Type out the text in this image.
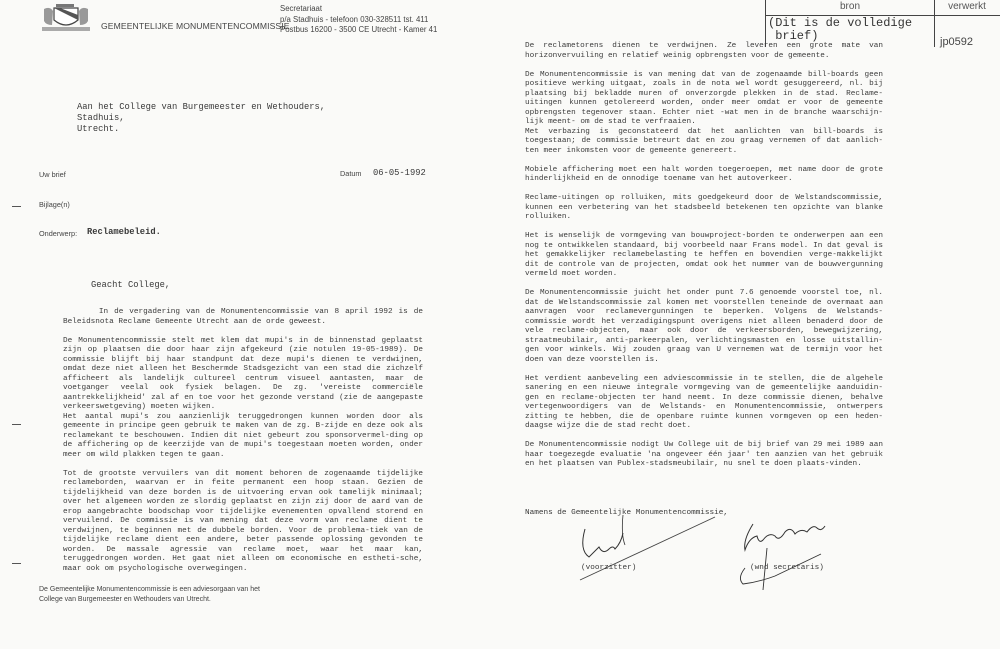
GEMEENTELIJKE MONUMENTENCOMMISSIE
Secretariaat
p/a Stadhuis - telefoon 030-328511 tst. 411
Postbus 16200 - 3500 CE Utrecht - Kamer 41
bron	verwerkt
(Dit is de volledige
brief)	jp0592
Aan het College van Burgemeester en Wethouders,
Stadhuis,
Utrecht.
Uw brief	Datum 06-05-1992
Bijlage(n)
Onderwerp: Reclamebeleid.
Geacht College,

In de vergadering van de Monumentencommissie van 8 april 1992 is de Beleidsnota Reclame Gemeente Utrecht aan de orde geweest.

De Monumentencommissie stelt met klem dat mupi's in de binnenstad geplaatst zijn op plaatsen die door haar zijn afgekeurd (zie notulen 19-05-1989). De commissie blijft bij haar standpunt dat deze mupi's dienen te verdwijnen, omdat deze niet alleen het Beschermde Stadsgezicht van een stad die zichzelf afficheert als landelijk cultureel centrum visueel aantasten, maar de voetganger veelal ook fysiek belagen. De zg. 'vereiste commerciële aantrekkelijkheid' zal af en toe voor het gezonde verstand (zie de aangepaste verkeerswetgeving) moeten wijken.

Het aantal mupi's zou aanzienlijk teruggedrongen kunnen worden door als gemeente in principe geen gebruik te maken van de zg. B-zijde en deze ook als reclamekant te beschouwen. Indien dit niet gebeurt zou sponsorvermel-ding op de affichering op de keerzijde van de mupi's toegestaan moeten worden, onder meer om wild plakken tegen te gaan.

Tot de grootste vervuilers van dit moment behoren de zogenaamde tijdelijke reclameborden, waarvan er in feite permanent een hoop staan. Gezien de tijdelijkheid van deze borden is de uitvoering ervan ook tamelijk minimaal; over het algemeen worden ze slordig geplaatst en zijn zij door de aard van de erop aangebrachte boodschap voor tijdelijke evenementen opvallend storend en vervuilend. De commissie is van mening dat deze vorm van reclame dient te verdwijnen, te beginnen met de dubbele borden. Voor de problema-tiek van de tijdelijke reclame dient een andere, beter passende oplossing gevonden te worden. De massale agressie van reclame moet, waar het maar kan, teruggedrongen worden. Het gaat niet alleen om economische en estheti-sche, maar ook om psychologische overwegingen.

De Gemeentelijke Monumentencommissie is een adviesorgaan van het
College van Burgemeester en Wethouders van Utrecht.

De reclametorens dienen te verdwijnen. Ze leveren een grote mate van horizonvervuiling en relatief weinig opbrengsten voor de gemeente.

De Monumentencommissie is van mening dat van de zogenaamde bill-boards geen positieve werking uitgaat, zoals in de nota wel wordt gesuggereerd, nl. bij plaatsing bij bekladde muren of onverzorgde plekken in de stad. Reclame-uitingen kunnen getolereerd worden, onder meer omdat er voor de gemeente opbrengsten tegenover staan. Echter niet -wat men in de branche waarschijn-lijk meent- om de stad te verfraaien.

Met verbazing is geconstateerd dat het aanlichten van bill-boards is toegestaan; de commissie betreurt dat en zou graag vernemen of dat aanlich-ten meer inkomsten voor de gemeente genereert.

Mobiele affichering moet een halt worden toegeroepen, met name door de grote hinderlijkheid en de onnodige toename van het autoverkeer.

Reclame-uitingen op rolluiken, mits goedgekeurd door de Welstandscommissie, kunnen een verbetering van het stadsbeeld betekenen ten opzichte van blanke rolluiken.

Het is wenselijk de vormgeving van bouwproject-borden te onderwerpen aan een nog te ontwikkelen standaard, bij voorbeeld naar Frans model. In dat geval is het gemakkelijker reclamebelasting te heffen en bovendien verge-makkelijkt dit de controle van de projecten, omdat ook het nummer van de bouwvergunning vermeld moet worden.

De Monumentencommissie juicht het onder punt 7.6 genoemde voorstel toe, nl. dat de Welstandscommissie zal komen met voorstellen teneinde de overmaat aan aanvragen voor reclamevergunningen te beperken. Volgens de Welstands-commissie wordt het verzadigingspunt overigens niet alleen benaderd door de vele reclame-objecten, maar ook door de verkeersborden, bewegwijzering, straatmeubilair, anti-parkeerpalen, verlichtingsmasten en losse uitstallin-gen voor winkels. Wij zouden graag van U vernemen wat de termijn voor het doen van deze voorstellen is.

Het verdient aanbeveling een adviescommissie in te stellen, die de algehele sanering en een nieuwe integrale vormgeving van de gemeentelijke aanduidin-gen en reclame-objecten ter hand neemt. In deze commissie dienen, behalve vertegenwoordigers van de Welstands- en Monumentencommissie, ontwerpers zitting te hebben, die de openbare ruimte kunnen vormgeven op een heden-daagse wijze die de stad recht doet.

De Monumentencommissie nodigt Uw College uit de bij brief van 29 mei 1989 aan haar toegezegde evaluatie 'na ongeveer één jaar' ten aanzien van het gebruik en het plaatsen van Publex-stadsmeubilair, nu snel te doen plaats-vinden.

Namens de Gemeentelijke Monumentencommissie,
(voorzitter)	(wnd secretaris)
